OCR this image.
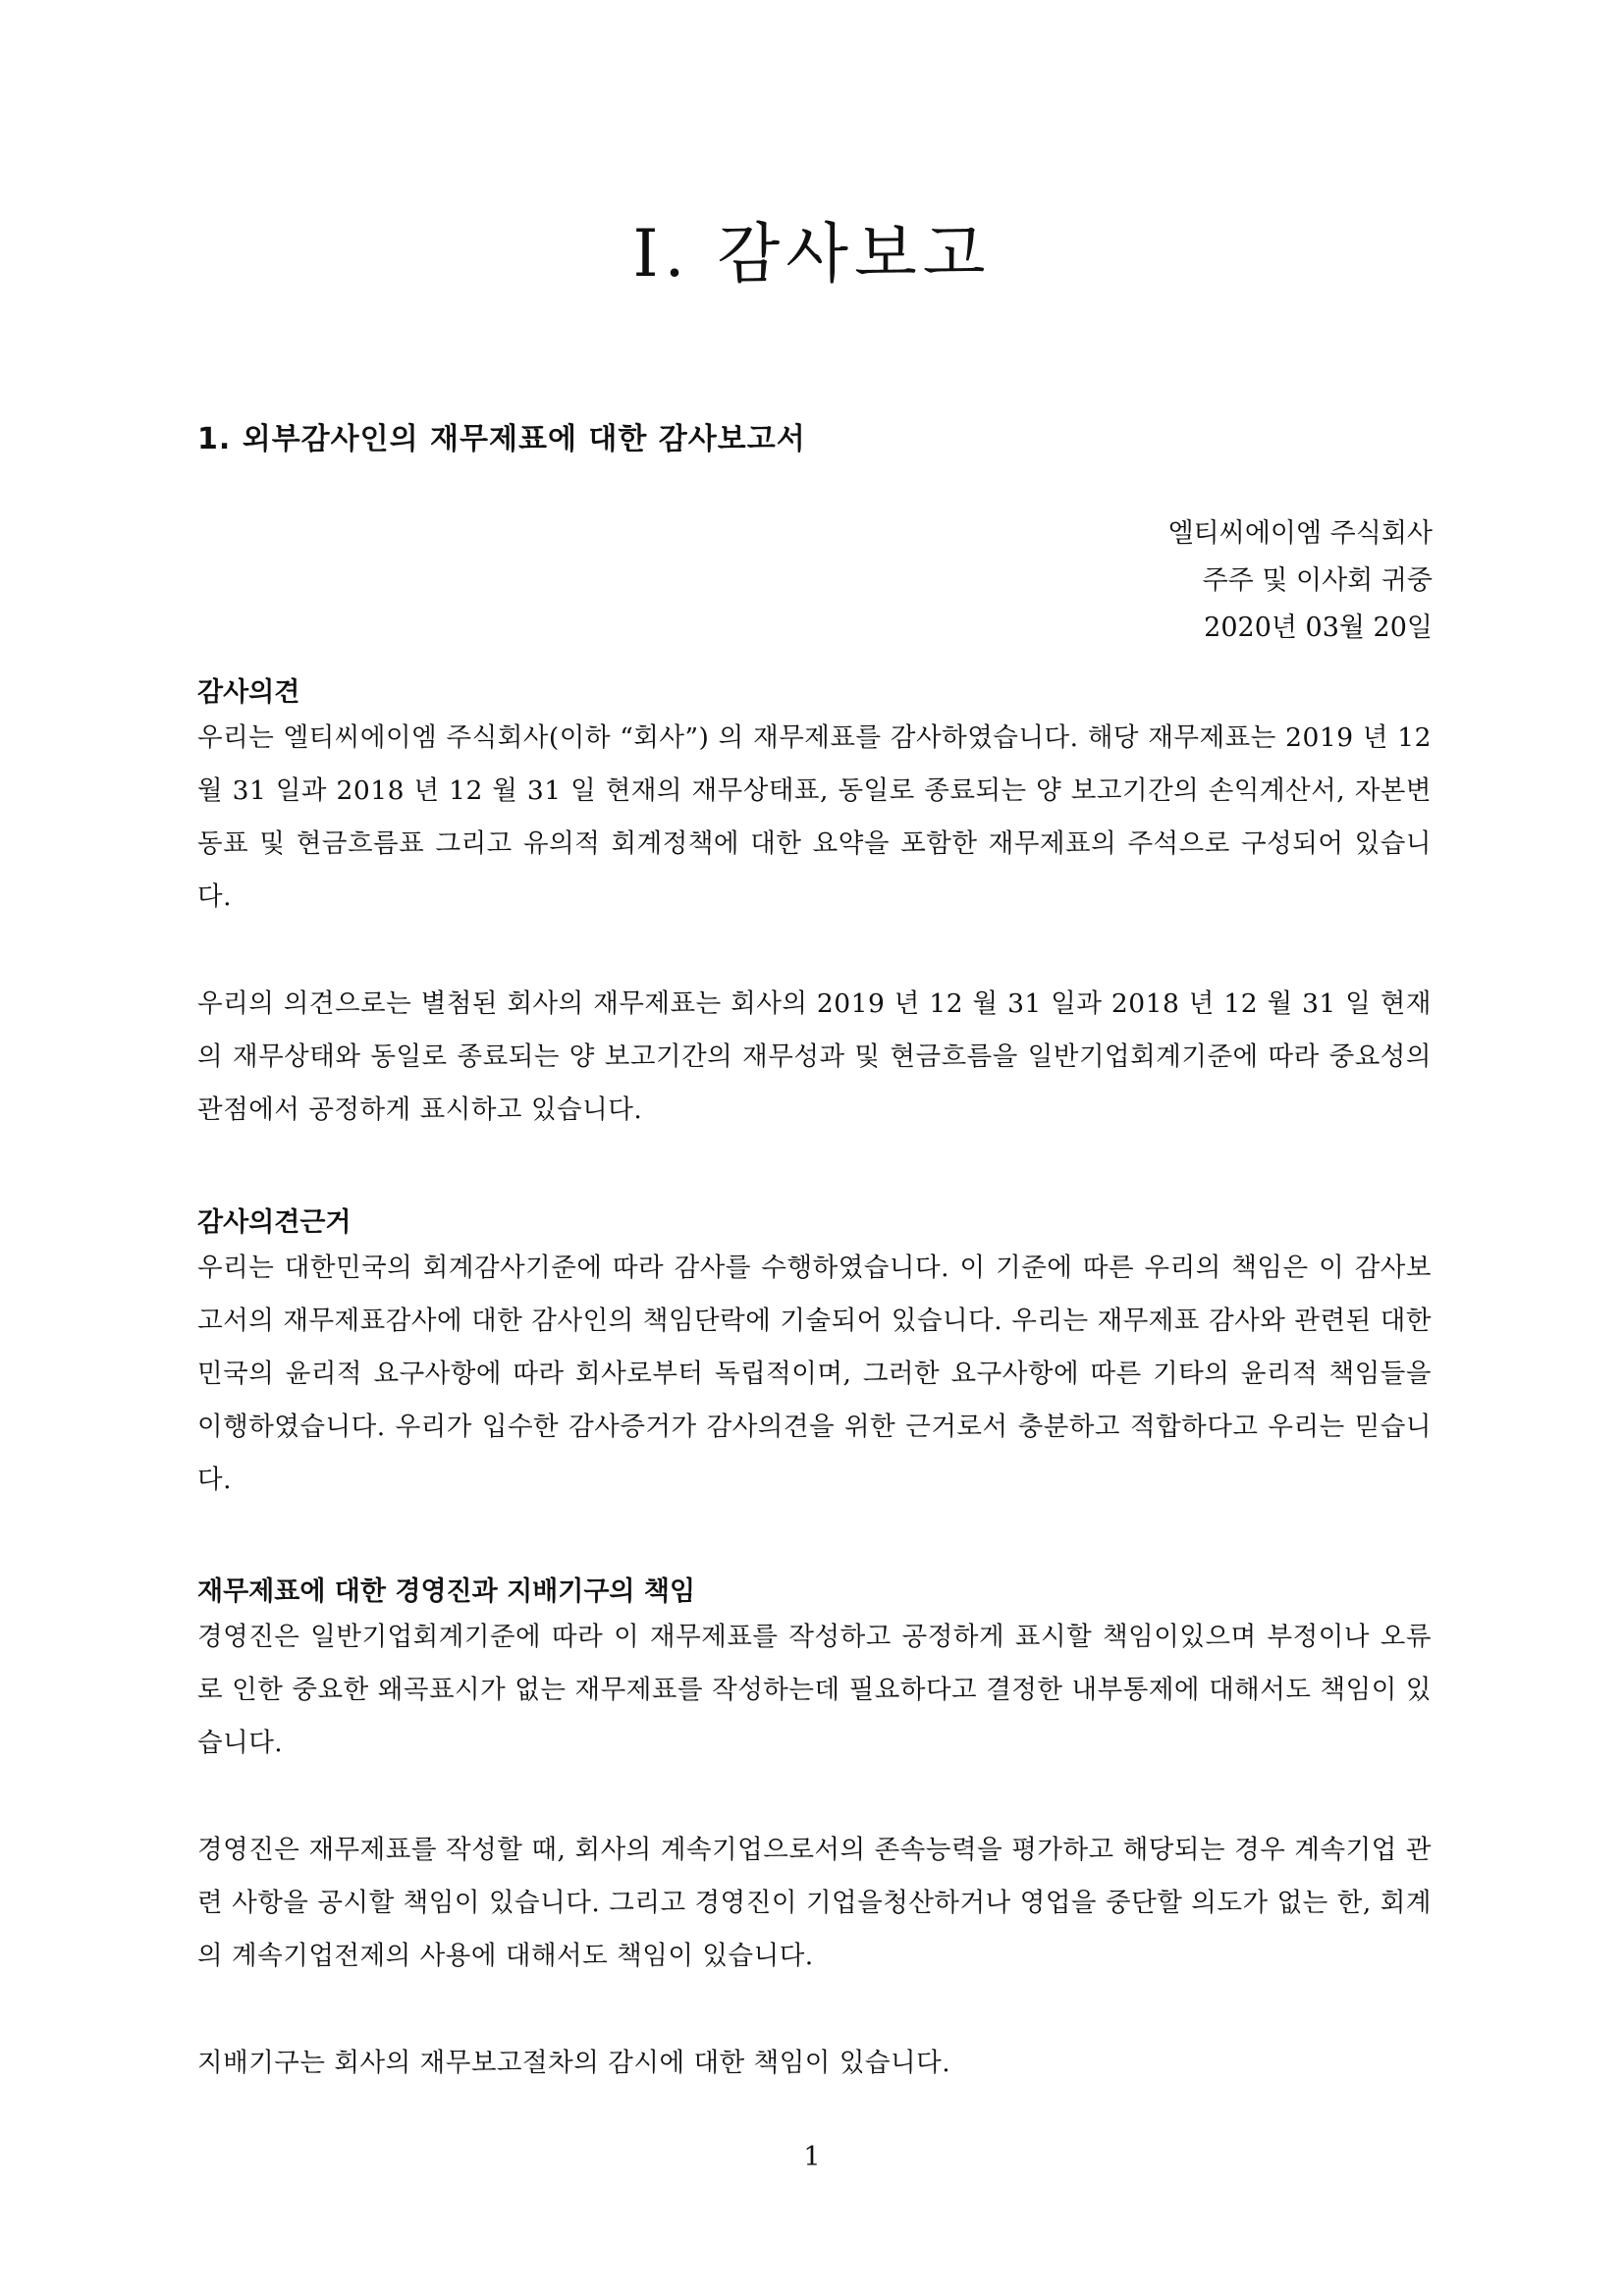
Ⅰ. 감사보고
1. 외부감사인의 재무제표에 대한 감사보고서
엘티씨에이엠 주식회사
주주 및 이사회 귀중
2020년 03월 20일
감사의견
우리는 엘티씨에이엠 주식회사(이하 “회사”) 의 재무제표를 감사하였습니다. 해당 재무제표는 2019 년 12 월 31 일과 2018 년 12 월 31 일 현재의 재무상태표, 동일로 종료되는 양 보고기간의 손익계산서, 자본변동표 및 현금흐름표 그리고 유의적 회계정책에 대한 요약을 포함한 재무제표의 주석으로 구성되어 있습니다.
우리의 의견으로는 별첨된 회사의 재무제표는 회사의 2019 년 12 월 31 일과 2018 년 12 월 31 일 현재의 재무상태와 동일로 종료되는 양 보고기간의 재무성과 및 현금흐름을 일반기업회계기준에 따라 중요성의 관점에서 공정하게 표시하고 있습니다.
감사의견근거
우리는 대한민국의 회계감사기준에 따라 감사를 수행하였습니다. 이 기준에 따른 우리의 책임은 이 감사보고서의 재무제표감사에 대한 감사인의 책임단락에 기술되어 있습니다. 우리는 재무제표 감사와 관련된 대한민국의 윤리적 요구사항에 따라 회사로부터 독립적이며, 그러한 요구사항에 따른 기타의 윤리적 책임들을 이행하였습니다. 우리가 입수한 감사증거가 감사의견을 위한 근거로서 충분하고 적합하다고 우리는 믿습니다.
재무제표에 대한 경영진과 지배기구의 책임
경영진은 일반기업회계기준에 따라 이 재무제표를 작성하고 공정하게 표시할 책임이있으며 부정이나 오류로 인한 중요한 왜곡표시가 없는 재무제표를 작성하는데 필요하다고 결정한 내부통제에 대해서도 책임이 있습니다.
경영진은 재무제표를 작성할 때, 회사의 계속기업으로서의 존속능력을 평가하고 해당되는 경우 계속기업 관련 사항을 공시할 책임이 있습니다. 그리고 경영진이 기업을청산하거나 영업을 중단할 의도가 없는 한, 회계의 계속기업전제의 사용에 대해서도 책임이 있습니다.
지배기구는 회사의 재무보고절차의 감시에 대한 책임이 있습니다.
1
